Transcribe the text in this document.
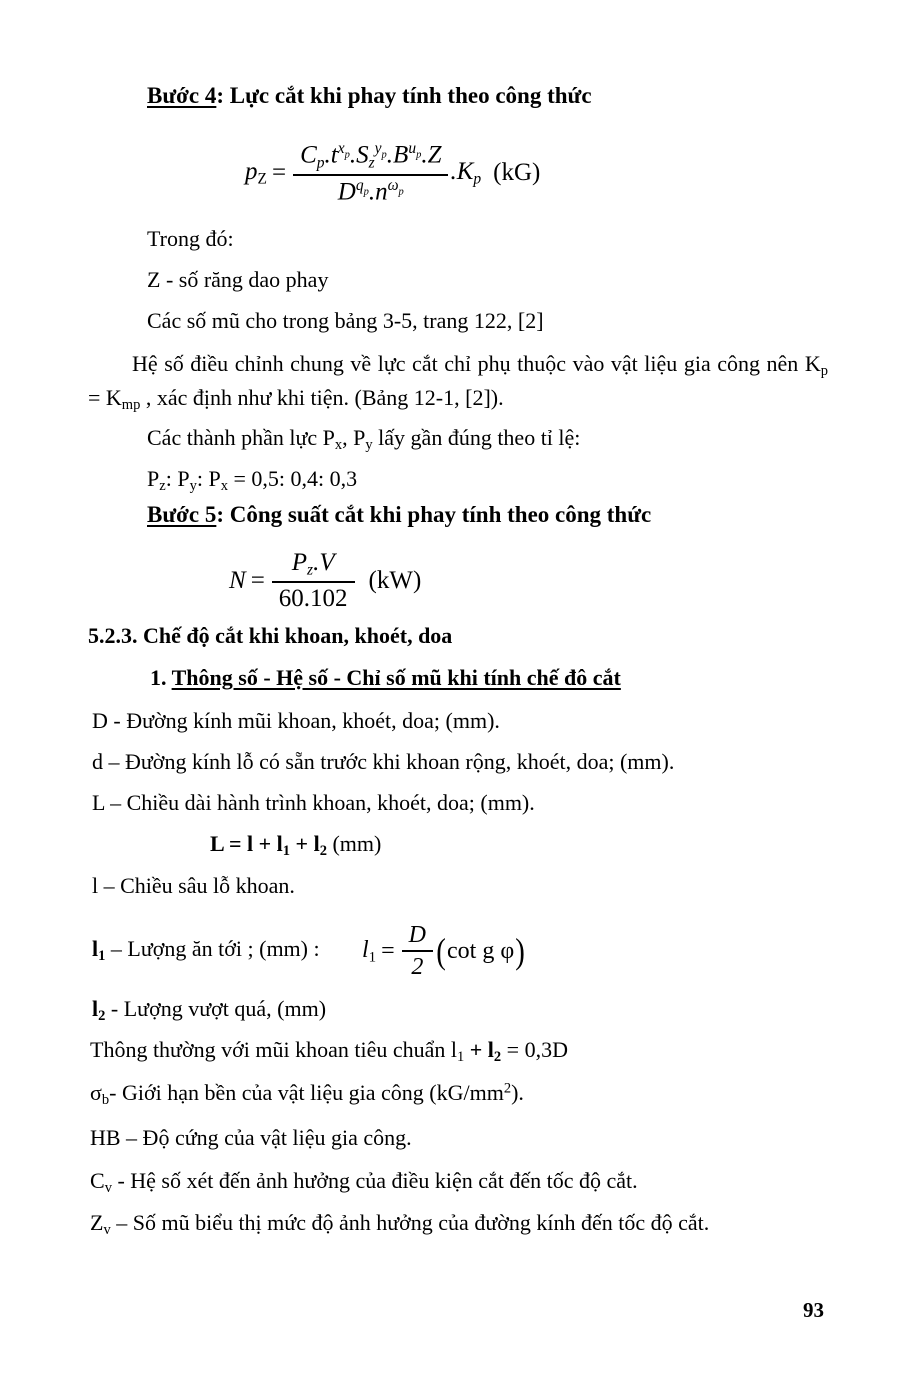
Bước 4: Lực cắt khi phay tính theo công thức
pZ = $\frac{Cp.t^{xp}.Sz^{yp}.B^{up}.Z}{D^{qp}.n^{\omega p}} .Kp$ (kG)
Trong đó:
Z - số răng dao phay
Các số mũ cho trong bảng 3-5, trang 122, [2]
Hệ số điều chỉnh chung về lực cắt chỉ phụ thuộc vào vật liệu gia công nên $K_p = K_{mp}$ , xác định như khi tiện. (Bảng 12-1, [2]).
Các thành phần lực $P_x$, $P_y$ lấy gần đúng theo tỉ lệ:
$P_z$: $P_y$: $P_x = 0,5$: 0,4: 0,3
Bước 5: Công suất cắt khi phay tính theo công thức
$N = \frac{Pz.V}{60.102} (kW)$
5.2.3. Chế độ cắt khi khoan, khoét, doa
1. Thông số - Hệ số - Chỉ số mũ khi tính chế đô cắt
D - Đường kính mũi khoan, khoét, doa; (mm).
d – Đường kính lỗ có sẵn trước khi khoan rộng, khoét, doa; (mm).
L – Chiều dài hành trình khoan, khoét, doa; (mm).
$L = l + l_1 + l_2$ (mm)
l – Chiều sâu lỗ khoan.
$l_1$ – Lượng ăn tới ; (mm) : $l1 = \frac{D}{2}$ ( cot g φ )
$l_2$ - Lượng vượt quá, (mm)
Thông thường với mũi khoan tiêu chuẩn $l_1 + l_2 = 0,3D$
$\sigma_b-$ Giới hạn bền của vật liệu gia công $(kG/mm^2)$.
HB – Độ cứng của vật liệu gia công.
$C_v$ - Hệ số xét đến ảnh hưởng của điều kiện cắt đến tốc độ cắt.
$Z_v$ – Số mũ biểu thị mức độ ảnh hưởng của đường kính đến tốc độ cắt.
93
